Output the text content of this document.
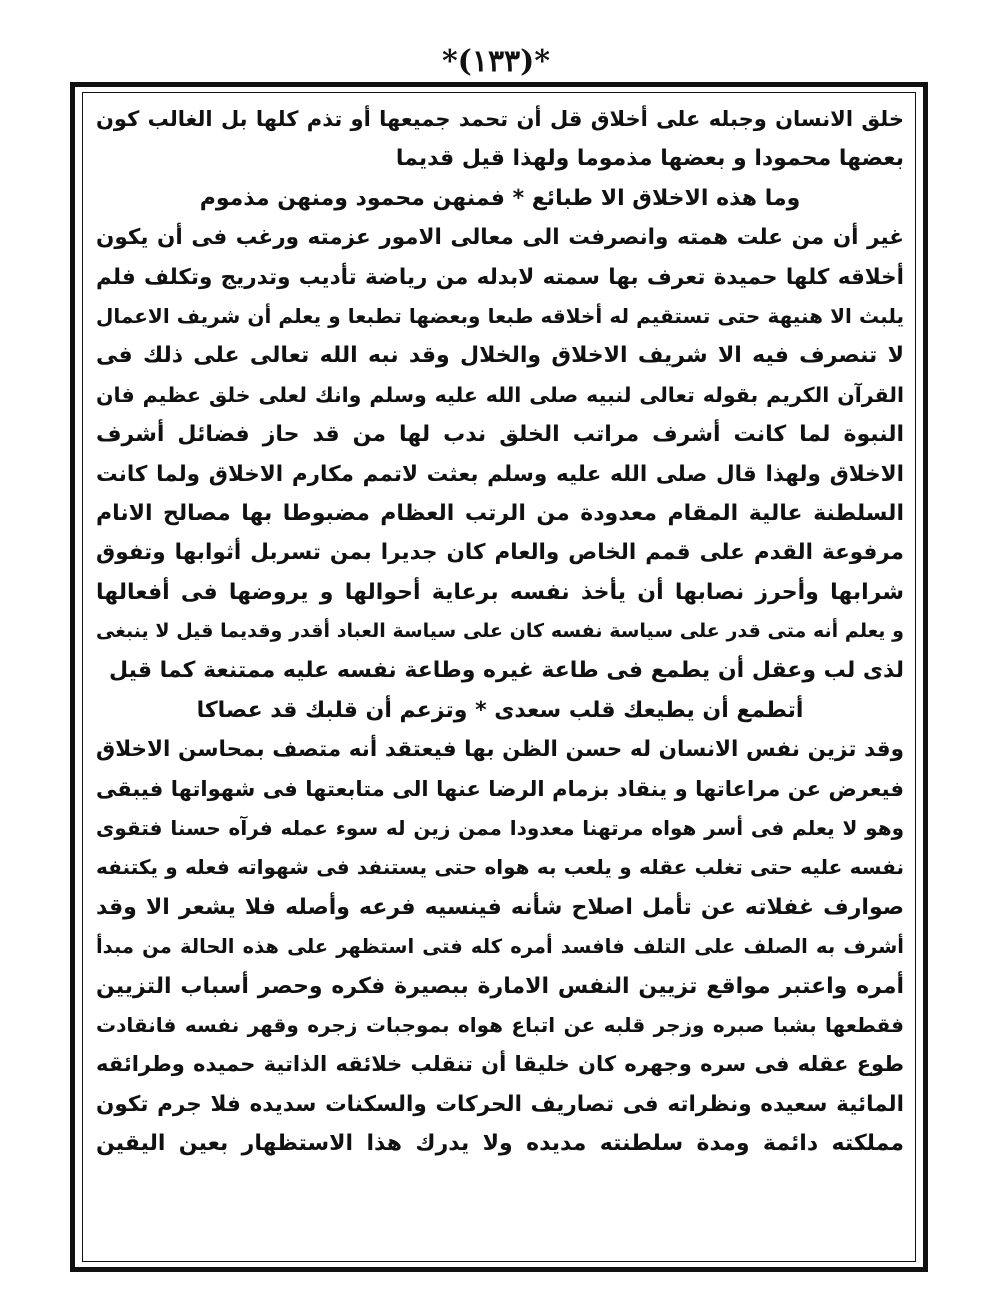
*(١٣٣)*
خلق الانسان وجبله على أخلاق قل أن تحمد جميعها أو تذم كلها بل الغالب كون
بعضها محمودا و بعضها مذموما ولهذا قيل قديما
وما هذه الاخلاق الا طبائع * فمنهن محمود ومنهن مذموم
غير أن من علت همته وانصرفت الى معالى الامور عزمته ورغب فى أن يكون
أخلاقه كلها حميدة تعرف بها سمته لابدله من رياضة تأديب وتدريج وتكلف فلم
يلبث الا هنيهة حتى تستقيم له أخلاقه طبعا وبعضها تطبعا و يعلم أن شريف الاعمال
لا تنصرف فيه الا شريف الاخلاق والخلال وقد نبه الله تعالى على ذلك فى
القرآن الكريم بقوله تعالى لنبيه صلى الله عليه وسلم وانك لعلى خلق عظيم فان
النبوة لما كانت أشرف مراتب الخلق ندب لها من قد حاز فضائل أشرف
الاخلاق ولهذا قال صلى الله عليه وسلم بعثت لاتمم مكارم الاخلاق ولما كانت
السلطنة عالية المقام معدودة من الرتب العظام مضبوطا بها مصالح الانام
مرفوعة القدم على قمم الخاص والعام كان جديرا بمن تسربل أثوابها وتفوق
شرابها وأحرز نصابها أن يأخذ نفسه برعاية أحوالها و يروضها فى أفعالها
و يعلم أنه متى قدر على سياسة نفسه كان على سياسة العباد أقدر وقديما قيل لا ينبغى
لذى لب وعقل أن يطمع فى طاعة غيره وطاعة نفسه عليه ممتنعة كما قيل
أتطمع أن يطيعك قلب سعدى * وتزعم أن قلبك قد عصاكا
وقد تزين نفس الانسان له حسن الظن بها فيعتقد أنه متصف بمحاسن الاخلاق
فيعرض عن مراعاتها و ينقاد بزمام الرضا عنها الى متابعتها فى شهواتها فيبقى
وهو لا يعلم فى أسر هواه مرتهنا معدودا ممن زين له سوء عمله فرآه حسنا فتقوى
نفسه عليه حتى تغلب عقله و يلعب به هواه حتى يستنفد فى شهواته فعله و يكتنفه
صوارف غفلاته عن تأمل اصلاح شأنه فينسيه فرعه وأصله فلا يشعر الا وقد
أشرف به الصلف على التلف فافسد أمره كله فتى استظهر على هذه الحالة من مبدأ
أمره واعتبر مواقع تزيين النفس الامارة ببصيرة فكره وحصر أسباب التزيين
فقطعها بشبا صبره وزجر قلبه عن اتباع هواه بموجبات زجره وقهر نفسه فانقادت
طوع عقله فى سره وجهره كان خليقا أن تنقلب خلائقه الذاتية حميده وطرائقه
المائية سعيده ونظراته فى تصاريف الحركات والسكنات سديده فلا جرم تكون
مملكته دائمة ومدة سلطنته مديده ولا يدرك هذا الاستظهار بعين اليقين
